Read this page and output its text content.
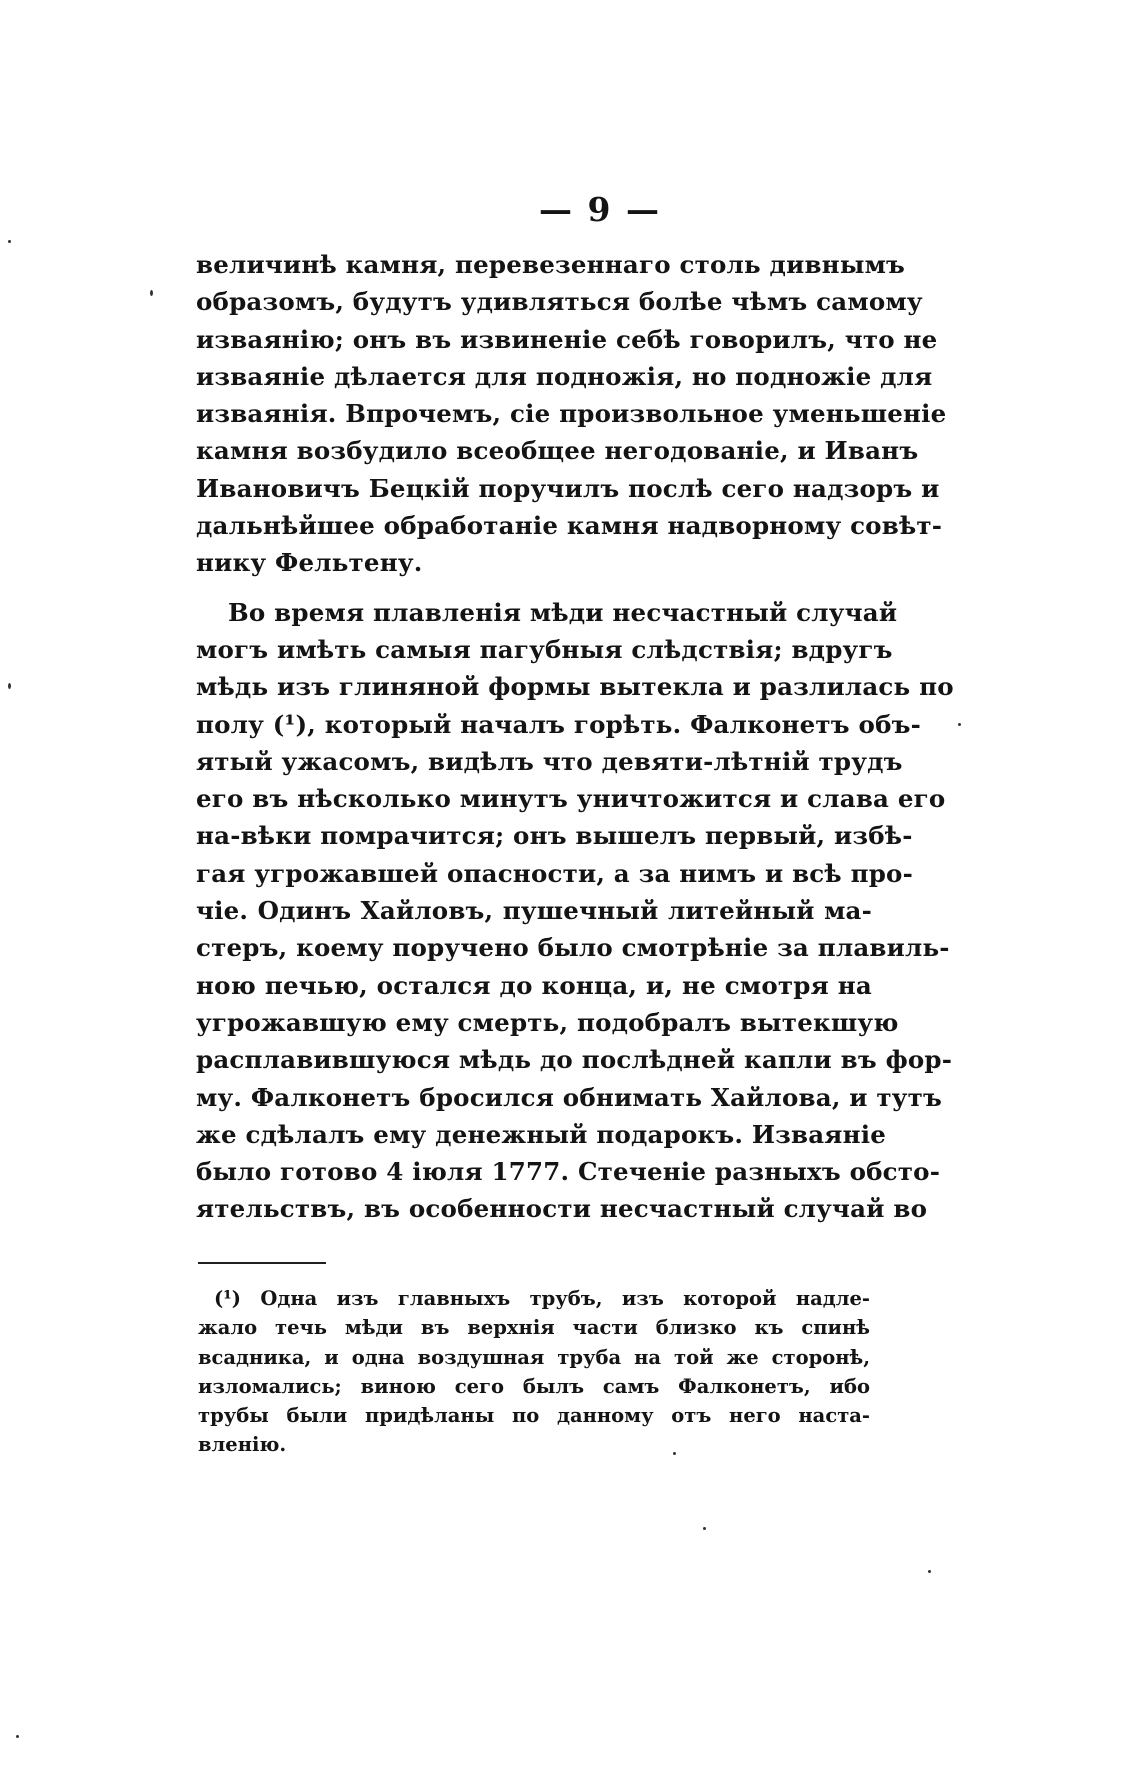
— 9 —
величинѣ камня, перевезеннаго столь дивнымъ
образомъ, будутъ удивляться болѣе чѣмъ самому
изваянію; онъ въ извиненіе себѣ говорилъ, что не
изваяніе дѣлается для подножія, но подножіе для
изваянія. Впрочемъ, сіе произвольное уменьшеніе
камня возбудило всеобщее негодованіе, и Иванъ
Ивановичъ Бецкій поручилъ послѣ сего надзоръ и
дальнѣйшее обработаніе камня надворному совѣт-
нику Фельтену.
Во время плавленія мѣди несчастный случай
могъ имѣть самыя пагубныя слѣдствія; вдругъ
мѣдь изъ глиняной формы вытекла и разлилась по
полу (¹), который началъ горѣть. Фалконетъ объ-
ятый ужасомъ, видѣлъ что девяти-лѣтній трудъ
его въ нѣсколько минутъ уничтожится и слава его
на-вѣки помрачится; онъ вышелъ первый, избѣ-
гая угрожавшей опасности, а за нимъ и всѣ про-
чіе. Одинъ Хайловъ, пушечный литейный ма-
стеръ, коему поручено было смотрѣніе за плавиль-
ною печью, остался до конца, и, не смотря на
угрожавшую ему смерть, подобралъ вытекшую
расплавившуюся мѣдь до послѣдней капли въ фор-
му. Фалконетъ бросился обнимать Хайлова, и тутъ
же сдѣлалъ ему денежный подарокъ. Изваяніе
было готово 4 іюля 1777. Стеченіе разныхъ обсто-
ятельствъ, въ особенности несчастный случай во
(¹) Одна изъ главныхъ трубъ, изъ которой надле-
жало течь мѣди въ верхнія части близко къ спинѣ
всадника, и одна воздушная труба на той же сторонѣ,
изломались; виною сего былъ самъ Фалконетъ, ибо
трубы были придѣланы по данному отъ него наста-
вленію.
